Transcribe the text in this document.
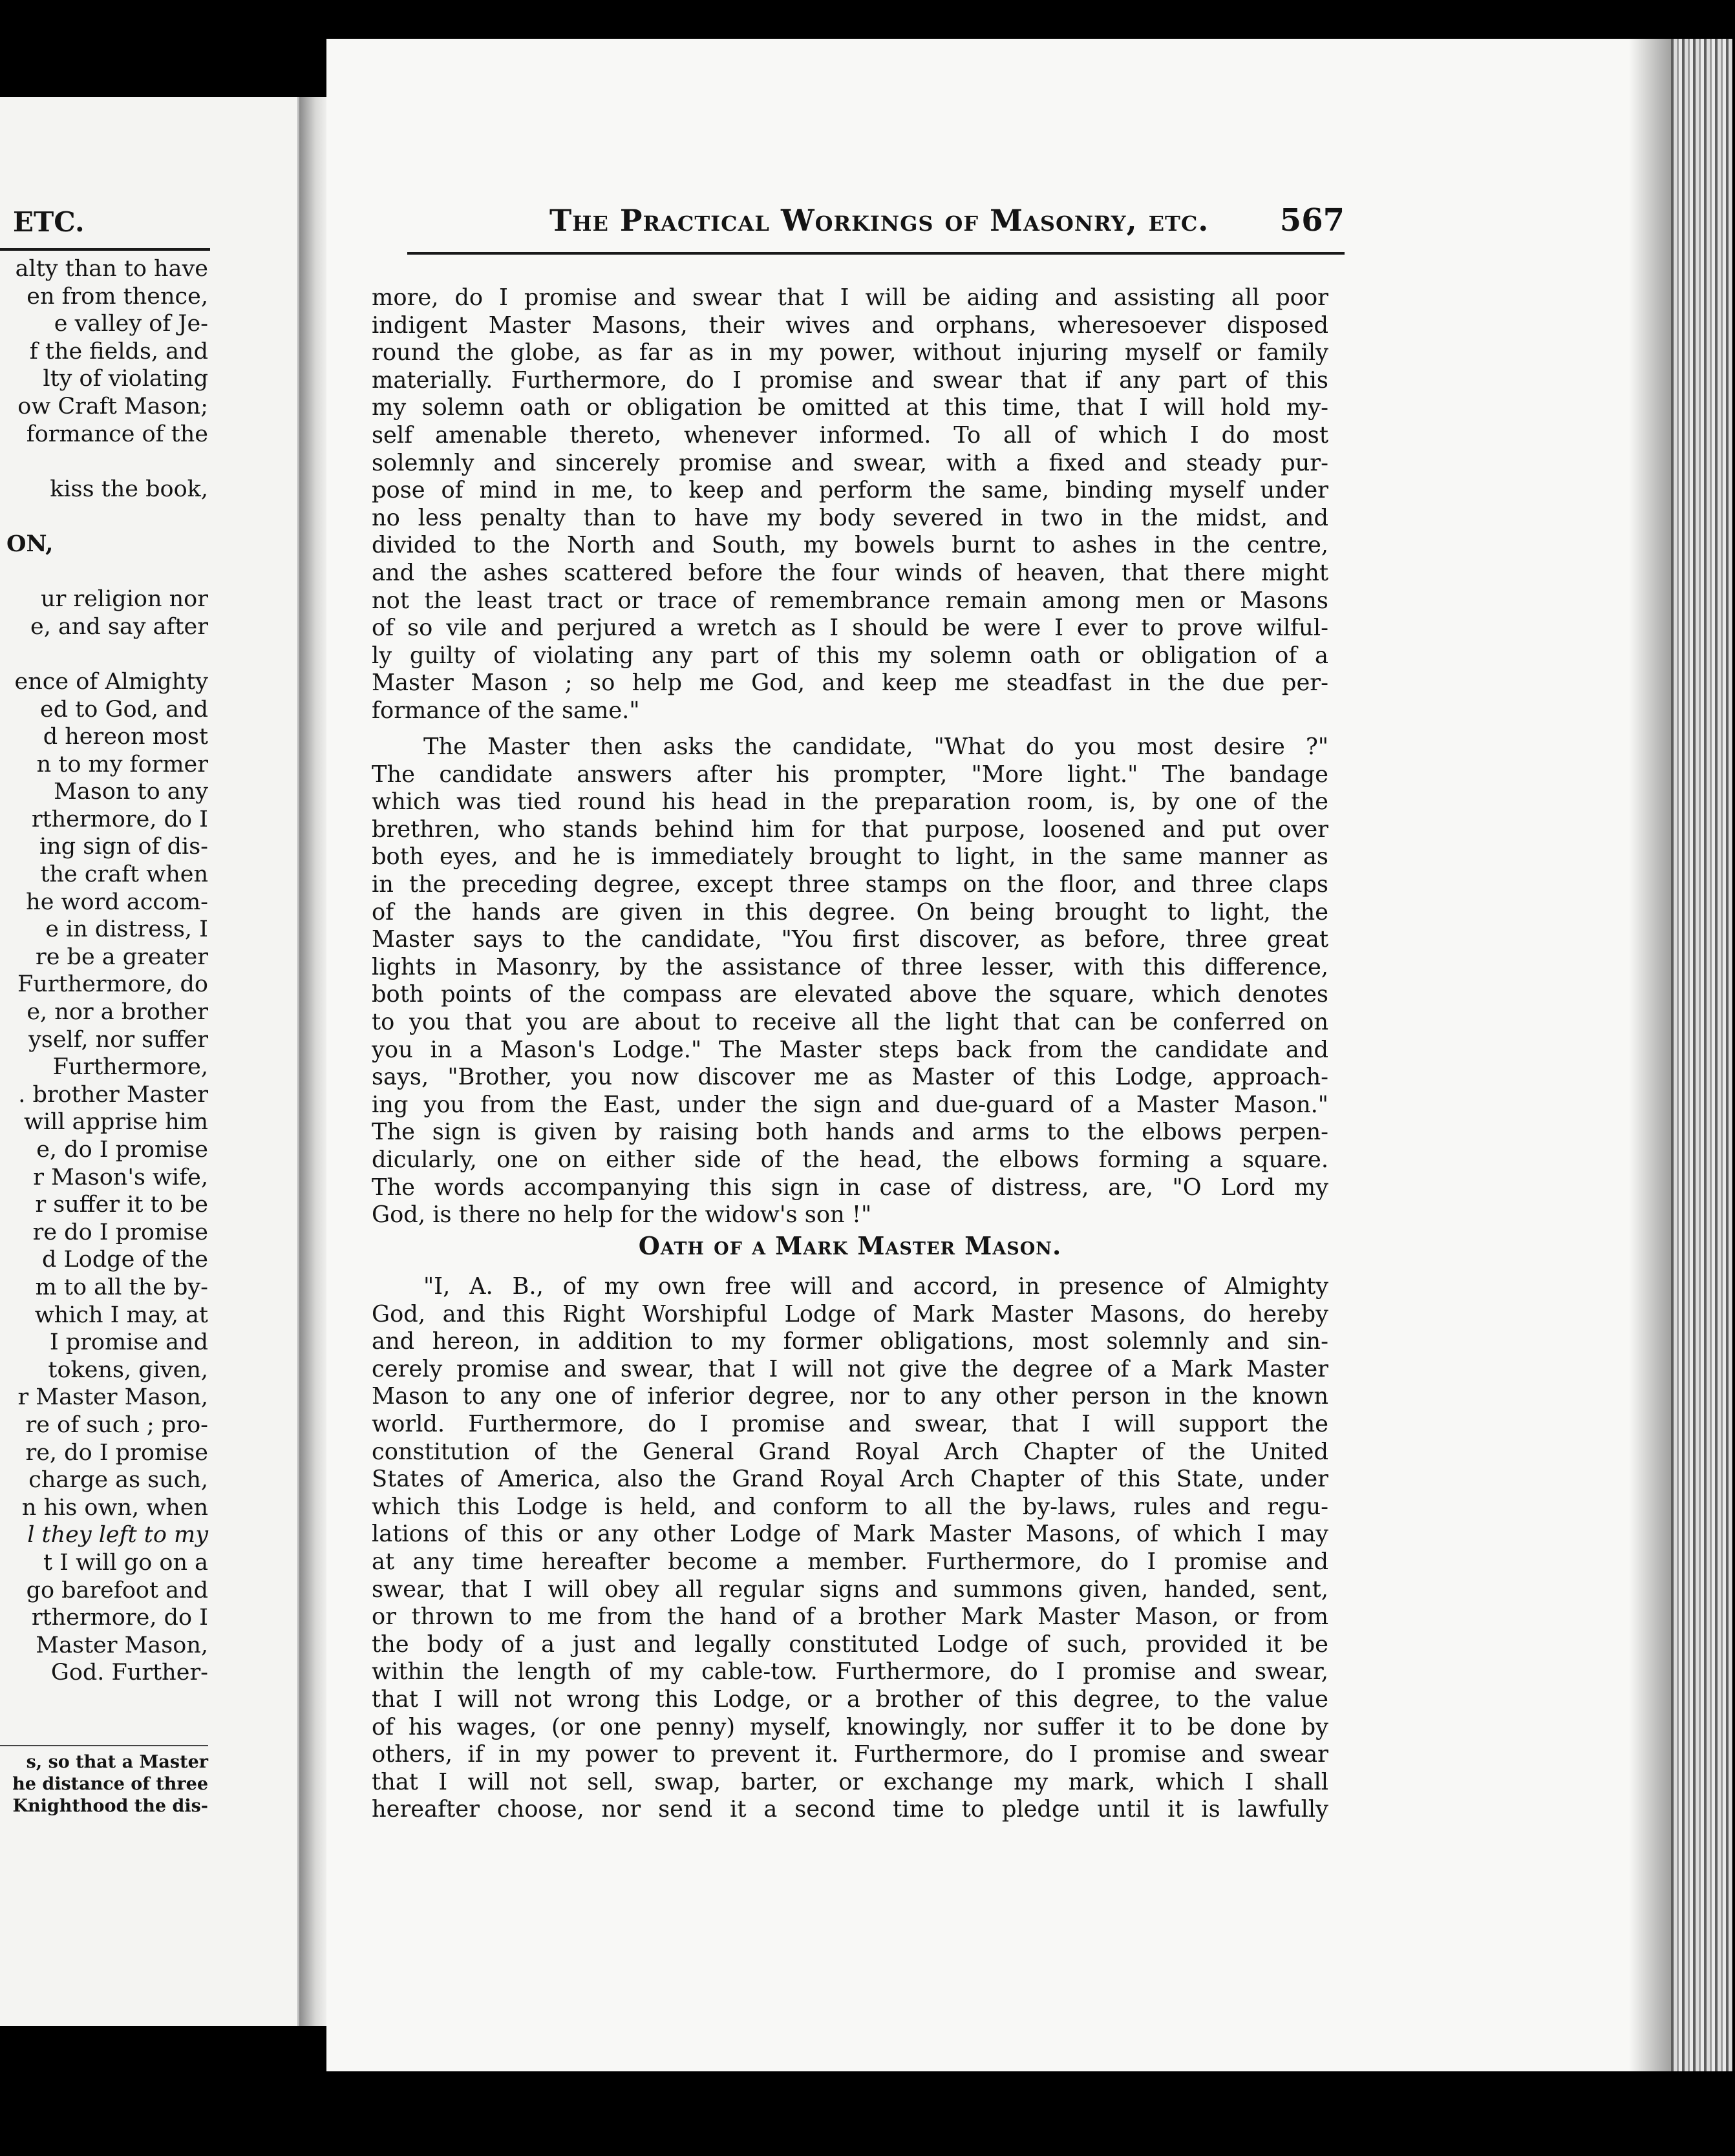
ETC.
alty than to have
en from thence,
e valley of Je-
f the fields, and
lty of violating
ow Craft Mason;
formance of the
kiss the book,
ON,
ur religion nor
e, and say after
ence of Almighty
ed to God, and
d hereon most
n to my former
Mason to any
rthermore, do I
ing sign of dis-
the craft when
he word accom-
e in distress, I
re be a greater
Furthermore, do
e, nor a brother
yself, nor suffer
Furthermore,
. brother Master
will apprise him
e, do I promise
r Mason's wife,
r suffer it to be
re do I promise
d Lodge of the
m to all the by-
which I may, at
I promise and
tokens, given,
r Master Mason,
re of such ; pro-
re, do I promise
charge as such,
n his own, when
l they left to my
t I will go on a
go barefoot and
rthermore, do I
Master Mason,
God. Further-
s, so that a Master
he distance of three
Knighthood the dis-
The Practical Workings of Masonry, etc.	567
more, do I promise and swear that I will be aiding and assisting all poor
indigent Master Masons, their wives and orphans, wheresoever disposed
round the globe, as far as in my power, without injuring myself or family
materially. Furthermore, do I promise and swear that if any part of this
my solemn oath or obligation be omitted at this time, that I will hold my-
self amenable thereto, whenever informed. To all of which I do most
solemnly and sincerely promise and swear, with a fixed and steady pur-
pose of mind in me, to keep and perform the same, binding myself under
no less penalty than to have my body severed in two in the midst, and
divided to the North and South, my bowels burnt to ashes in the centre,
and the ashes scattered before the four winds of heaven, that there might
not the least tract or trace of remembrance remain among men or Masons
of so vile and perjured a wretch as I should be were I ever to prove wilful-
ly guilty of violating any part of this my solemn oath or obligation of a
Master Mason ; so help me God, and keep me steadfast in the due per-
formance of the same."
The Master then asks the candidate, "What do you most desire ?"
The candidate answers after his prompter, "More light." The bandage
which was tied round his head in the preparation room, is, by one of the
brethren, who stands behind him for that purpose, loosened and put over
both eyes, and he is immediately brought to light, in the same manner as
in the preceding degree, except three stamps on the floor, and three claps
of the hands are given in this degree. On being brought to light, the
Master says to the candidate, "You first discover, as before, three great
lights in Masonry, by the assistance of three lesser, with this difference,
both points of the compass are elevated above the square, which denotes
to you that you are about to receive all the light that can be conferred on
you in a Mason's Lodge." The Master steps back from the candidate and
says, "Brother, you now discover me as Master of this Lodge, approach-
ing you from the East, under the sign and due-guard of a Master Mason."
The sign is given by raising both hands and arms to the elbows perpen-
dicularly, one on either side of the head, the elbows forming a square.
The words accompanying this sign in case of distress, are, "O Lord my
God, is there no help for the widow's son !"
Oath of a Mark Master Mason.
"I, A. B., of my own free will and accord, in presence of Almighty
God, and this Right Worshipful Lodge of Mark Master Masons, do hereby
and hereon, in addition to my former obligations, most solemnly and sin-
cerely promise and swear, that I will not give the degree of a Mark Master
Mason to any one of inferior degree, nor to any other person in the known
world. Furthermore, do I promise and swear, that I will support the
constitution of the General Grand Royal Arch Chapter of the United
States of America, also the Grand Royal Arch Chapter of this State, under
which this Lodge is held, and conform to all the by-laws, rules and regu-
lations of this or any other Lodge of Mark Master Masons, of which I may
at any time hereafter become a member. Furthermore, do I promise and
swear, that I will obey all regular signs and summons given, handed, sent,
or thrown to me from the hand of a brother Mark Master Mason, or from
the body of a just and legally constituted Lodge of such, provided it be
within the length of my cable-tow. Furthermore, do I promise and swear,
that I will not wrong this Lodge, or a brother of this degree, to the value
of his wages, (or one penny) myself, knowingly, nor suffer it to be done by
others, if in my power to prevent it. Furthermore, do I promise and swear
that I will not sell, swap, barter, or exchange my mark, which I shall
hereafter choose, nor send it a second time to pledge until it is lawfully
